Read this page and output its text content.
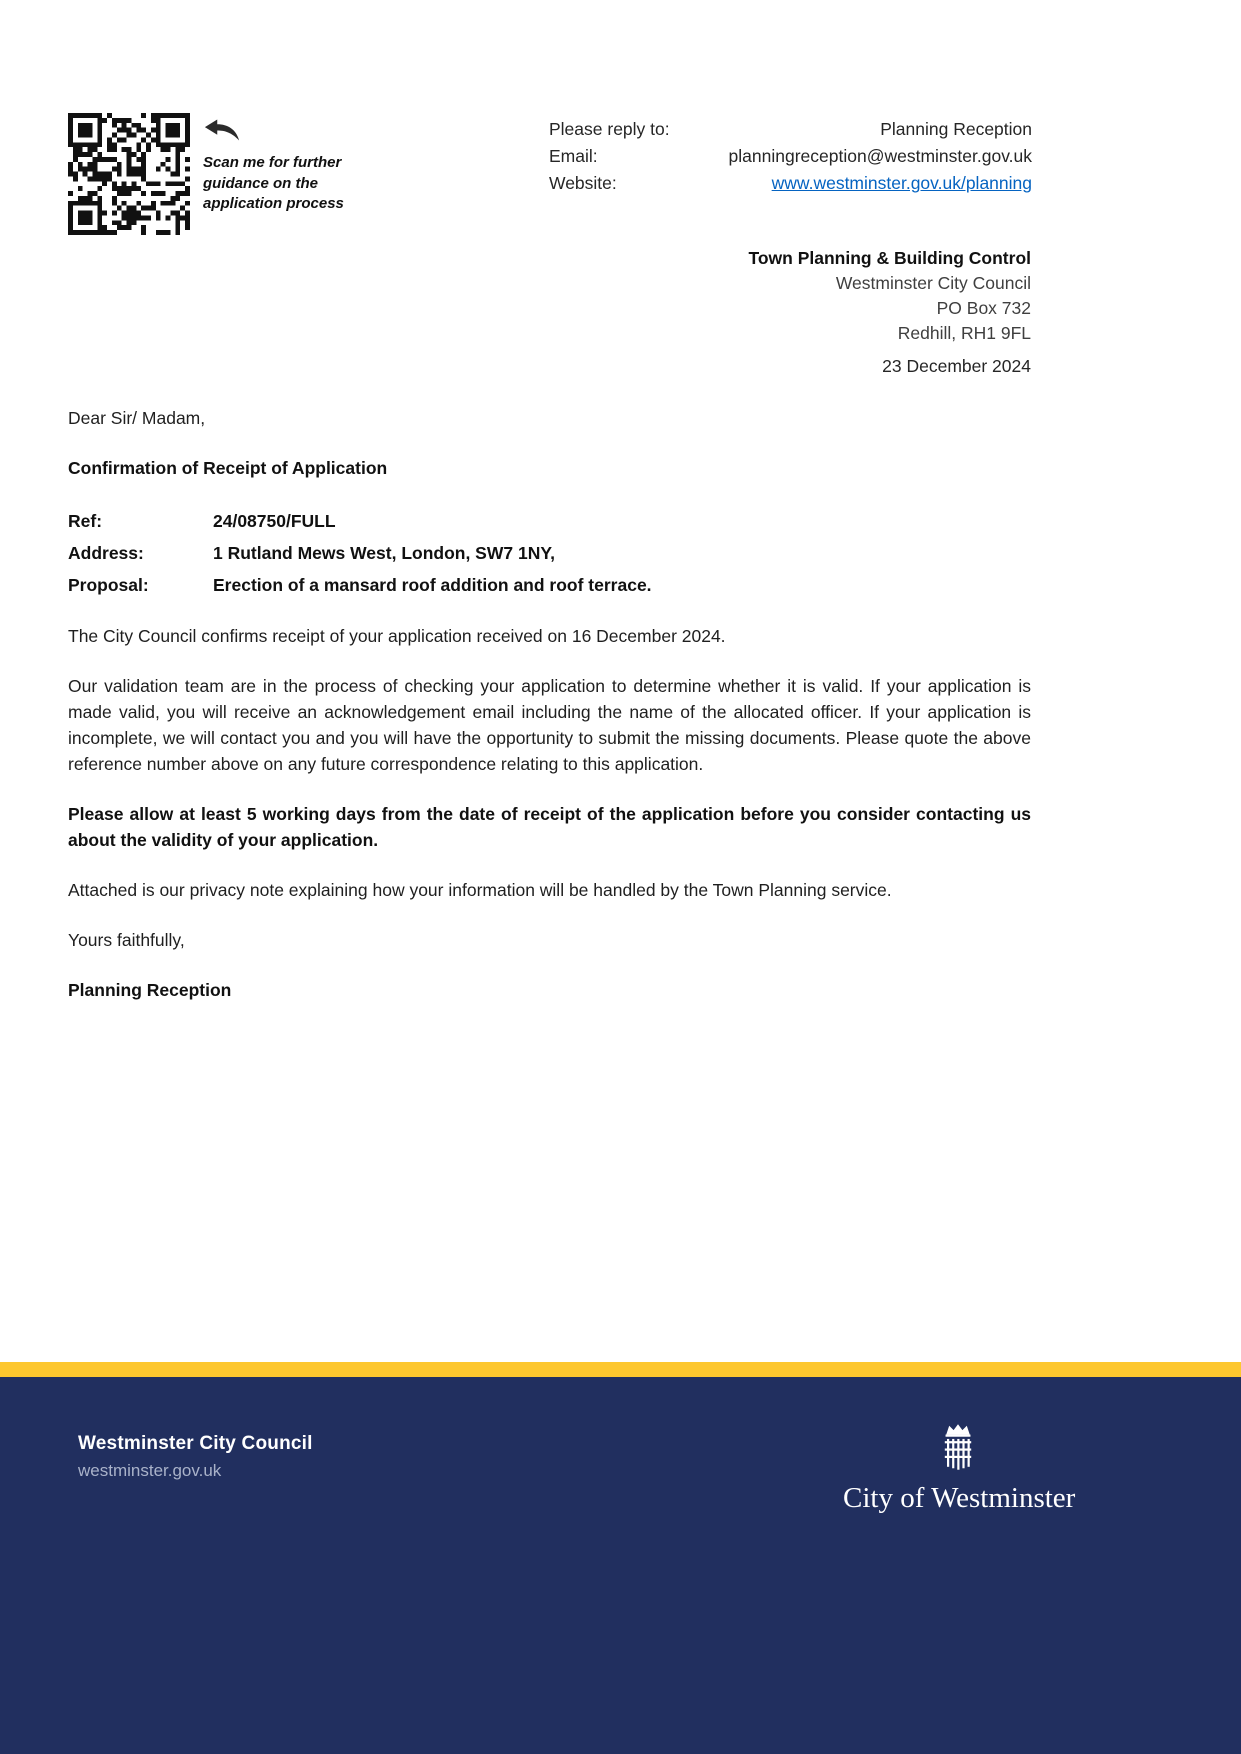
Scan me for further guidance on the application process
Please reply to:	Planning Reception
Email:	planningreception@westminster.gov.uk
Website:	www.westminster.gov.uk/planning
Town Planning & Building Control
Westminster City Council
PO Box 732
Redhill, RH1 9FL
23 December 2024

Dear Sir/ Madam,

Confirmation of Receipt of Application

Ref:	24/08750/FULL
Address:	1 Rutland Mews West, London, SW7 1NY,
Proposal:	Erection of a mansard roof addition and roof terrace.

The City Council confirms receipt of your application received on 16 December 2024.

Our validation team are in the process of checking your application to determine whether it is valid. If your application is made valid, you will receive an acknowledgement email including the name of the allocated officer. If your application is incomplete, we will contact you and you will have the opportunity to submit the missing documents. Please quote the above reference number above on any future correspondence relating to this application.

Please allow at least 5 working days from the date of receipt of the application before you consider contacting us about the validity of your application.

Attached is our privacy note explaining how your information will be handled by the Town Planning service.

Yours faithfully,

Planning Reception

Westminster City Council
westminster.gov.uk
City of Westminster
